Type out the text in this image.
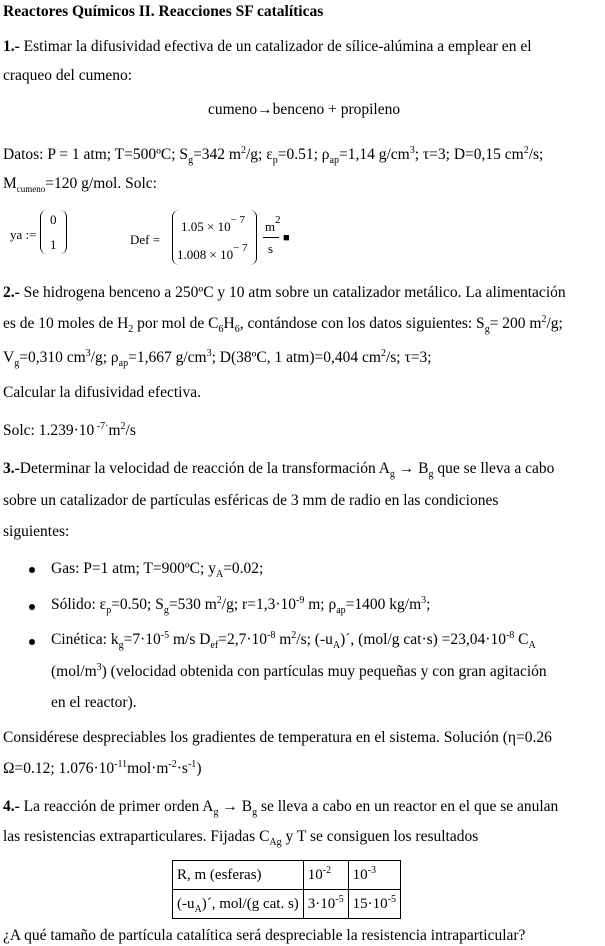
Reactores Químicos II. Reacciones SF catalíticas
1.- Estimar la difusividad efectiva de un catalizador de sílice-alúmina a emplear en el
craqueo del cumeno:
cumeno→benceno + propileno
Datos: P = 1 atm; T=500ºC; $S_g=342$ $m^2/g$; $\varepsilon_p=0.51$; $\rho_{ap}=1,14$ $g/cm^3$; τ=3; D=0,15 $cm^2/s$;
$M_{cumeno}=120$ g/mol. Solc:
ya :=
0
1	Def =
$1.05 \times 10^{- 7}$
$1.008 \times 10^{- 7}$
$m^2$
s
■
2.- Se hidrogena benceno a 250ºC y 10 atm sobre un catalizador metálico. La alimentación
es de 10 moles de $H_2$ por mol de $C_6H_6$, contándose con los datos siguientes: $S_g= 200$ $m^2/g$;
$V_g=0,310$ $cm^3/g$; $\rho_{ap}=1,667$ $g/cm^3$; D(38ºC, 1 atm)=0,404 $cm^2/s$; τ=3;
Calcular la difusividad efectiva.
Solc: 1.239·10 $^{-7\cdot}m^2/s$
3.-Determinar la velocidad de reacción de la transformación $A_g \to B_g$ que se lleva a cabo
sobre un catalizador de partículas esféricas de 3 mm de radio en las condiciones
siguientes:
Gas: P=1 atm; T=900ºC; $y_A=0.02$;
Sólido: $\varepsilon_p=0.50$; $S_g=530$ $m^2/g$; $r=1,3\cdot 10^{-9}$ m; $\rho_{ap}=1400$ $kg/m^3$;
Cinética: $k_g=7\cdot 10^{-5}$ m/s $D_{ef}=2,7\cdot 10^{-8}$ $m^2/s$; $(-u_A)´$, (mol/g $cat\cdot s) =23,04\cdot 10^{-8}$ $C_A$
$(mol/m^3)$ (velocidad obtenida con partículas muy pequeñas y con gran agitación
en el reactor).
Considérese despreciables los gradientes de temperatura en el sistema. Solución (η=0.26
Ω=0.12; $1.076\cdot 10^{-11}mol\cdot m^{-2}\cdot s^{-1}$)
4.- La reacción de primer orden $A_g \to B_g$ se lleva a cabo en un reactor en el que se anulan
las resistencias extraparticulares. Fijadas $C_{Ag}$ y T se consiguen los resultados
R, m (esferas)	$10^{-2}$	$10^{-3}$
$(-u_A)´$, mol/(g cat. s)	$3\cdot 10^{-5}$	$15\cdot 10^{-5}$
¿A qué tamaño de partícula catalítica será despreciable la resistencia intraparticular?
